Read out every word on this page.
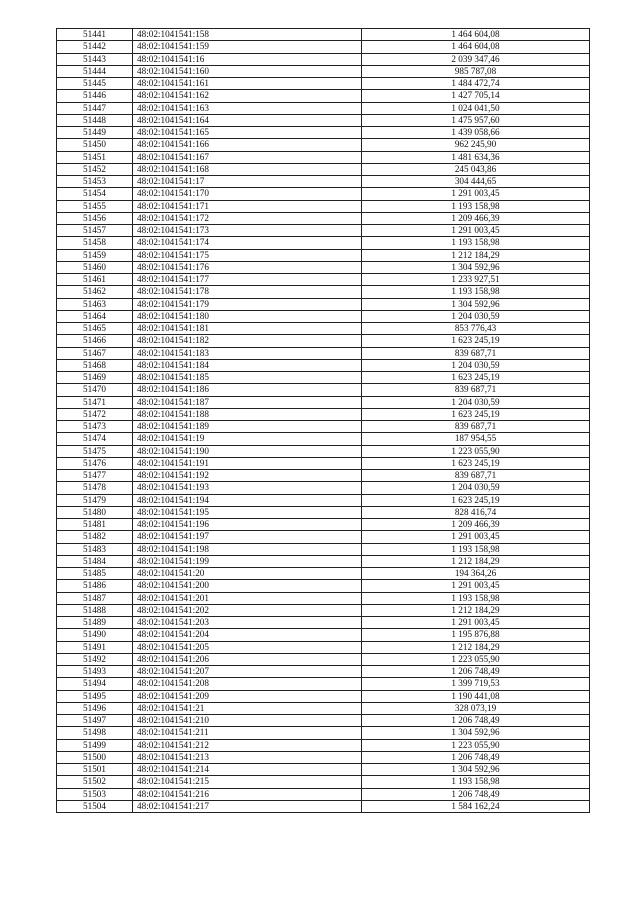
51441	48:02:1041541:158	1 464 604,08
51442	48:02:1041541:159	1 464 604,08
51443	48:02:1041541:16	2 039 347,46
51444	48:02:1041541:160	985 787,08
51445	48:02:1041541:161	1 484 472,74
51446	48:02:1041541:162	1 427 705,14
51447	48:02:1041541:163	1 024 041,50
51448	48:02:1041541:164	1 475 957,60
51449	48:02:1041541:165	1 439 058,66
51450	48:02:1041541:166	962 245,90
51451	48:02:1041541:167	1 481 634,36
51452	48:02:1041541:168	245 043,86
51453	48:02:1041541:17	304 444,65
51454	48:02:1041541:170	1 291 003,45
51455	48:02:1041541:171	1 193 158,98
51456	48:02:1041541:172	1 209 466,39
51457	48:02:1041541:173	1 291 003,45
51458	48:02:1041541:174	1 193 158,98
51459	48:02:1041541:175	1 212 184,29
51460	48:02:1041541:176	1 304 592,96
51461	48:02:1041541:177	1 233 927,51
51462	48:02:1041541:178	1 193 158,98
51463	48:02:1041541:179	1 304 592,96
51464	48:02:1041541:180	1 204 030,59
51465	48:02:1041541:181	853 776,43
51466	48:02:1041541:182	1 623 245,19
51467	48:02:1041541:183	839 687,71
51468	48:02:1041541:184	1 204 030,59
51469	48:02:1041541:185	1 623 245,19
51470	48:02:1041541:186	839 687,71
51471	48:02:1041541:187	1 204 030,59
51472	48:02:1041541:188	1 623 245,19
51473	48:02:1041541:189	839 687,71
51474	48:02:1041541:19	187 954,55
51475	48:02:1041541:190	1 223 055,90
51476	48:02:1041541:191	1 623 245,19
51477	48:02:1041541:192	839 687,71
51478	48:02:1041541:193	1 204 030,59
51479	48:02:1041541:194	1 623 245,19
51480	48:02:1041541:195	828 416,74
51481	48:02:1041541:196	1 209 466,39
51482	48:02:1041541:197	1 291 003,45
51483	48:02:1041541:198	1 193 158,98
51484	48:02:1041541:199	1 212 184,29
51485	48:02:1041541:20	194 364,26
51486	48:02:1041541:200	1 291 003,45
51487	48:02:1041541:201	1 193 158,98
51488	48:02:1041541:202	1 212 184,29
51489	48:02:1041541:203	1 291 003,45
51490	48:02:1041541:204	1 195 876,88
51491	48:02:1041541:205	1 212 184,29
51492	48:02:1041541:206	1 223 055,90
51493	48:02:1041541:207	1 206 748,49
51494	48:02:1041541:208	1 399 719,53
51495	48:02:1041541:209	1 190 441,08
51496	48:02:1041541:21	328 073,19
51497	48:02:1041541:210	1 206 748,49
51498	48:02:1041541:211	1 304 592,96
51499	48:02:1041541:212	1 223 055,90
51500	48:02:1041541:213	1 206 748,49
51501	48:02:1041541:214	1 304 592,96
51502	48:02:1041541:215	1 193 158,98
51503	48:02:1041541:216	1 206 748,49
51504	48:02:1041541:217	1 584 162,24
